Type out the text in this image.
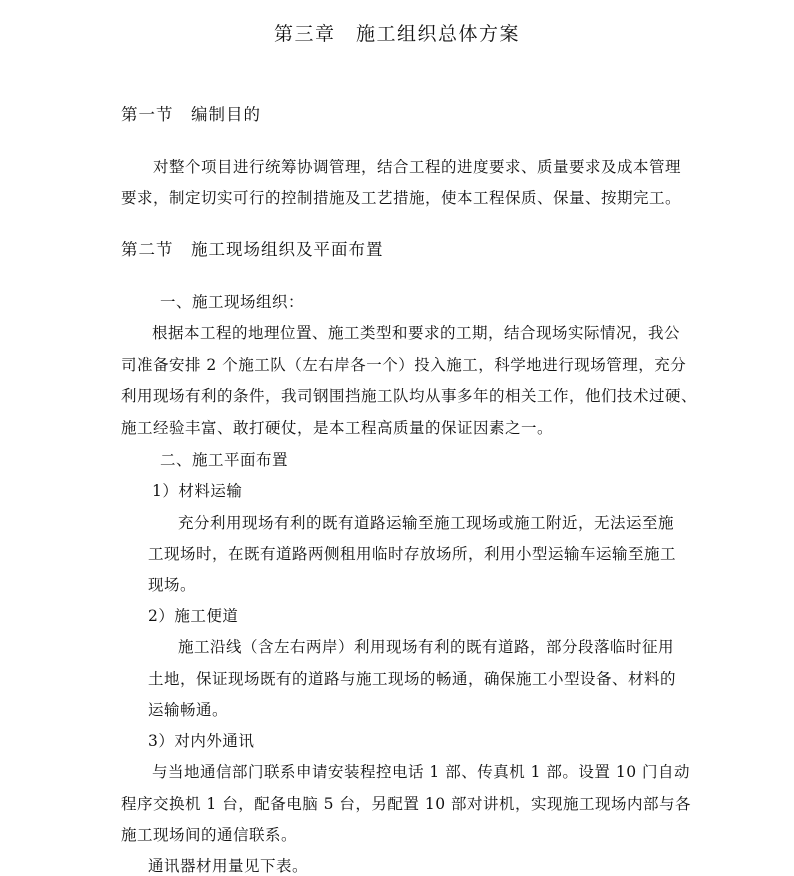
第三章　施工组织总体方案
第一节　编制目的
对整个项目进行统筹协调管理，结合工程的进度要求、质量要求及成本管理
要求，制定切实可行的控制措施及工艺措施，使本工程保质、保量、按期完工。
第二节　施工现场组织及平面布置
一、施工现场组织：
根据本工程的地理位置、施工类型和要求的工期，结合现场实际情况，我公
司准备安排 2 个施工队（左右岸各一个）投入施工，科学地进行现场管理，充分
利用现场有利的条件，我司钢围挡施工队均从事多年的相关工作，他们技术过硬、
施工经验丰富、敢打硬仗，是本工程高质量的保证因素之一。
二、施工平面布置
1）材料运输
充分利用现场有利的既有道路运输至施工现场或施工附近，无法运至施
工现场时，在既有道路两侧租用临时存放场所，利用小型运输车运输至施工
现场。
2）施工便道
施工沿线（含左右两岸）利用现场有利的既有道路，部分段落临时征用
土地，保证现场既有的道路与施工现场的畅通，确保施工小型设备、材料的
运输畅通。
3）对内外通讯
与当地通信部门联系申请安装程控电话 1 部、传真机 1 部。设置 10 门自动
程序交换机 1 台，配备电脑 5 台，另配置 10 部对讲机，实现施工现场内部与各
施工现场间的通信联系。
通讯器材用量见下表。
